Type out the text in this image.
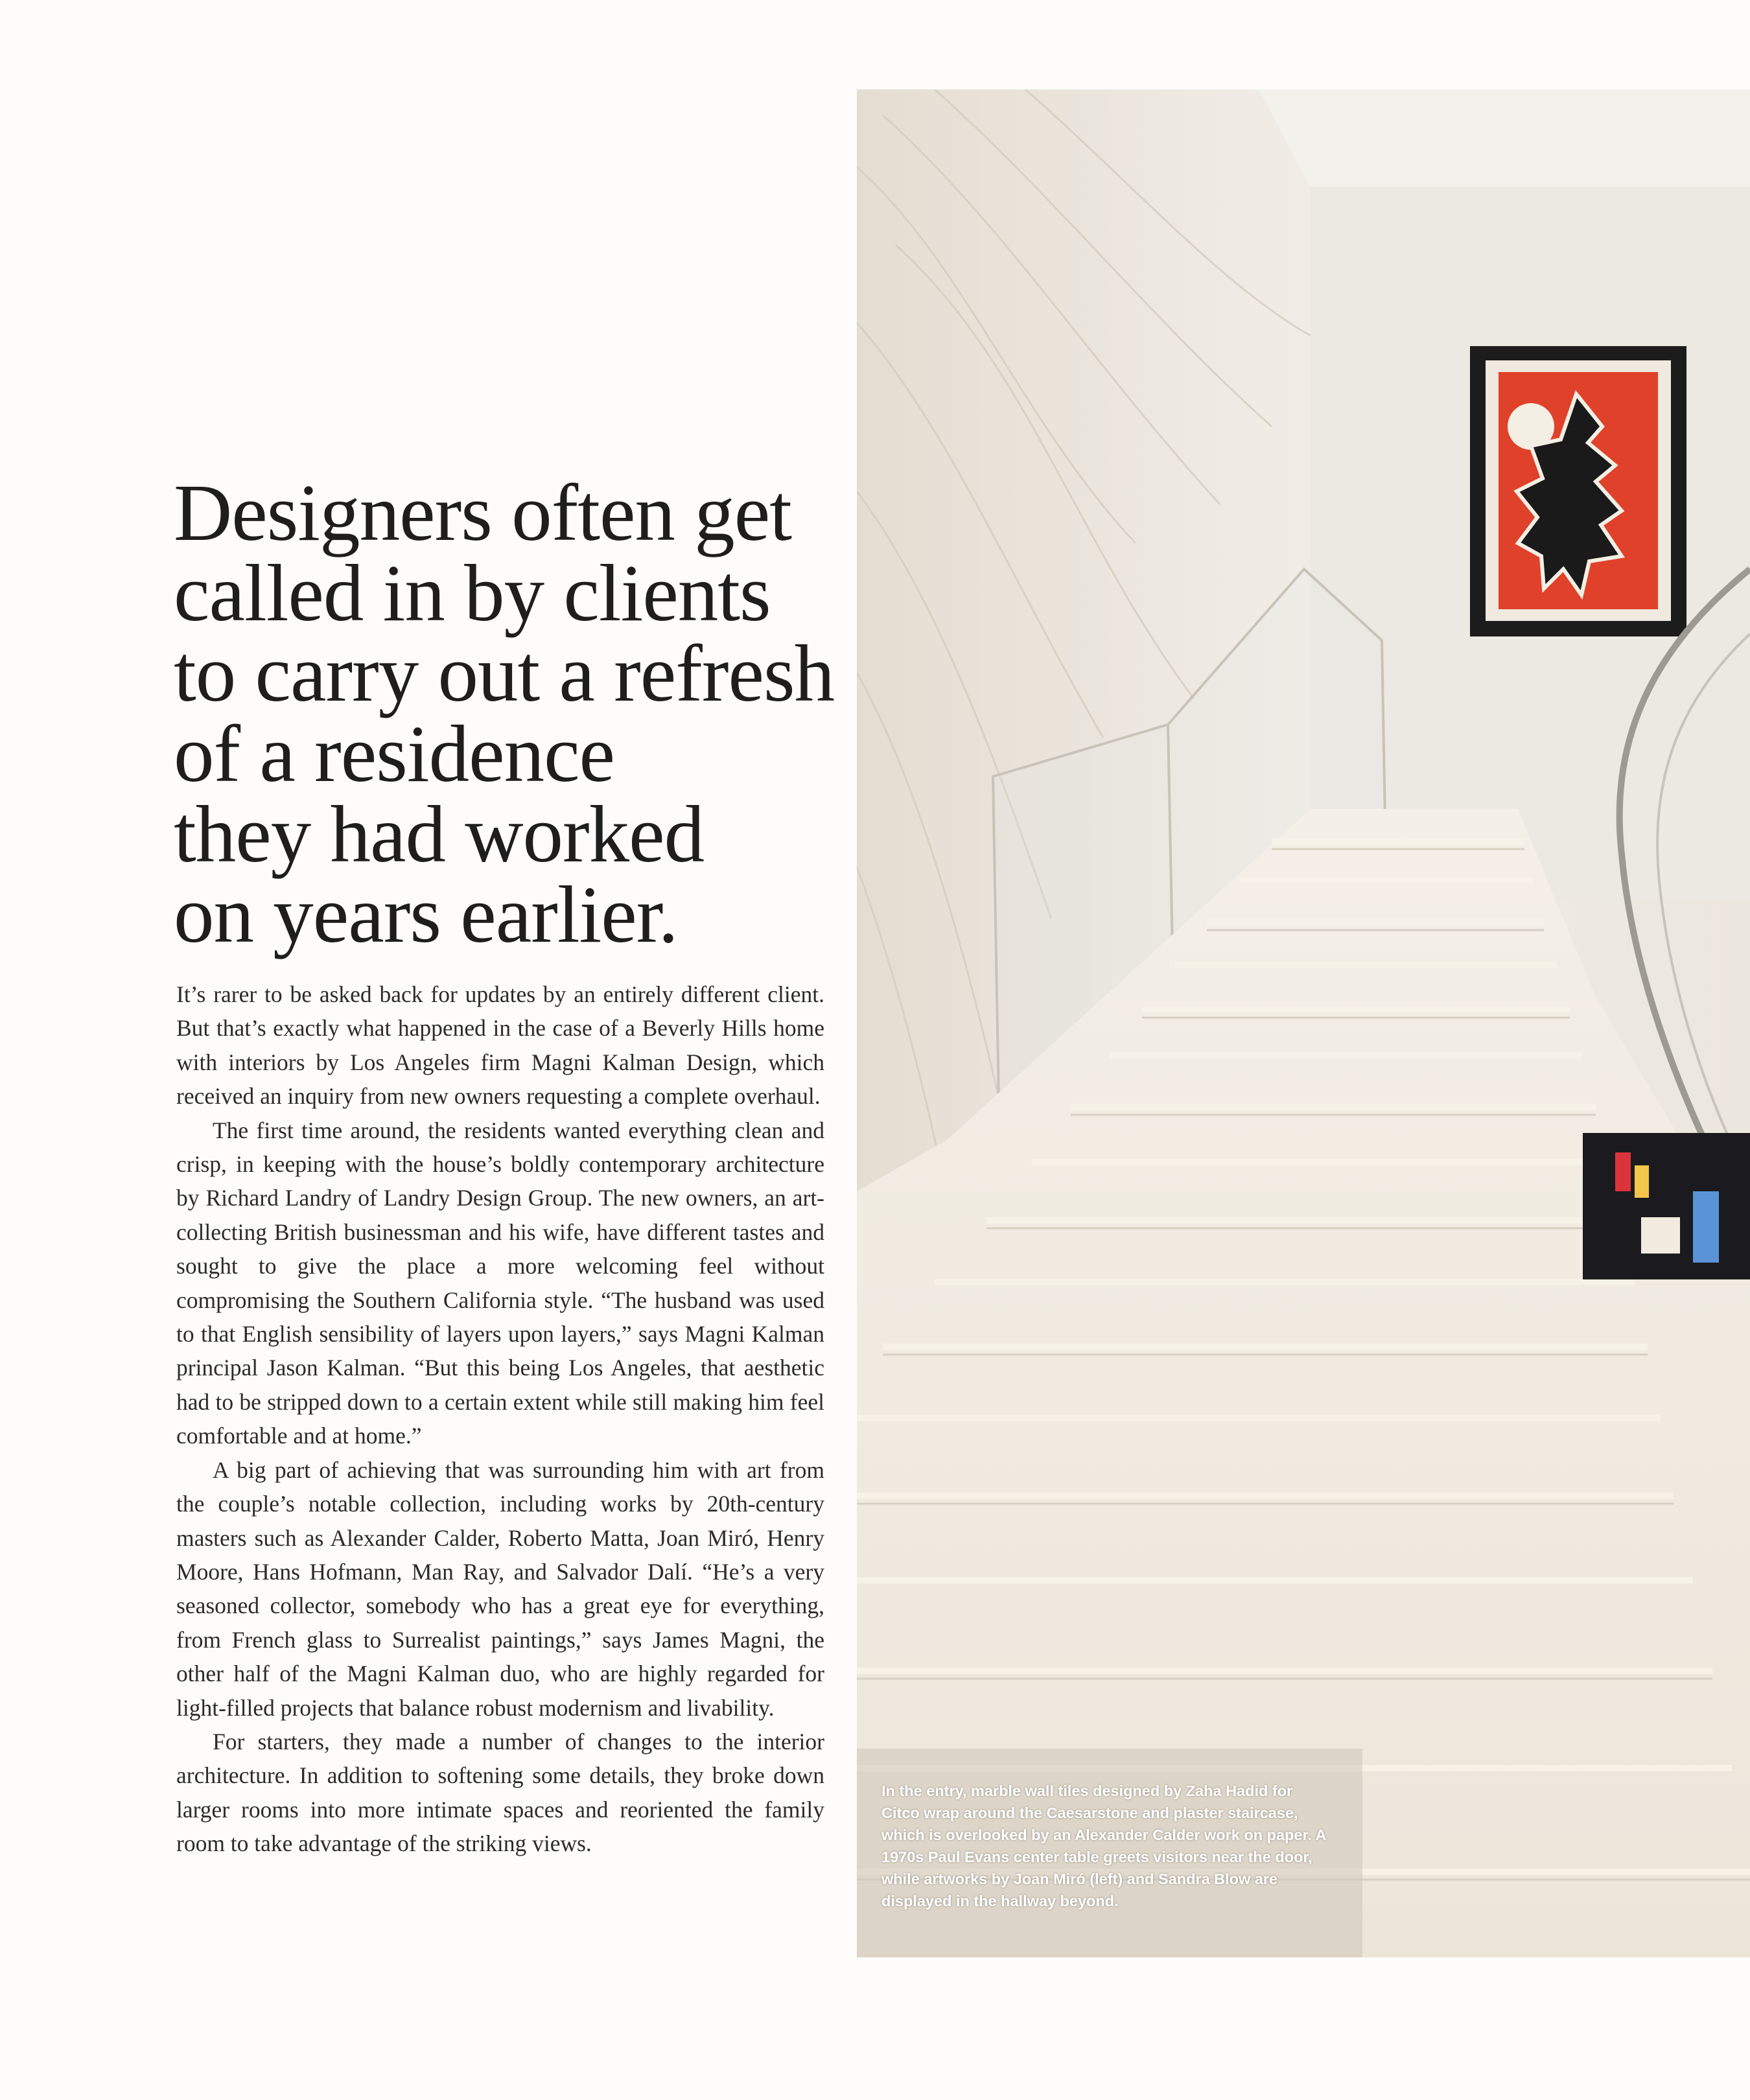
Designers often get
called in by clients
to carry out a refresh
of a residence
they had worked
on years earlier.

It’s rarer to be asked back for updates by an entirely different client. But that’s exactly what happened in the case of a Beverly Hills home with interiors by Los Angeles firm Magni Kalman Design, which received an inquiry from new owners requesting a complete overhaul.

The first time around, the residents wanted everything clean and crisp, in keeping with the house’s boldly contemporary architecture by Richard Landry of Landry Design Group. The new owners, an art-collecting British businessman and his wife, have different tastes and sought to give the place a more welcoming feel without compromising the Southern California style. “The husband was used to that English sensibility of layers upon layers,” says Magni Kalman principal Jason Kalman. “But this being Los Angeles, that aesthetic had to be stripped down to a certain extent while still making him feel comfortable and at home.”

A big part of achieving that was surrounding him with art from the couple’s notable collection, including works by 20th-century masters such as Alexander Calder, Roberto Matta, Joan Miró, Henry Moore, Hans Hofmann, Man Ray, and Salvador Dalí. “He’s a very seasoned collector, somebody who has a great eye for everything, from French glass to Surrealist paintings,” says James Magni, the other half of the Magni Kalman duo, who are highly regarded for light-filled projects that balance robust modernism and livability.

For starters, they made a number of changes to the interior architecture. In addition to softening some details, they broke down larger rooms into more intimate spaces and reoriented the family room to take advantage of the striking views.

In the entry, marble wall tiles designed by Zaha Hadid for Citco wrap around the Caesarstone and plaster staircase, which is overlooked by an Alexander Calder work on paper. A 1970s Paul Evans center table greets visitors near the door, while artworks by Joan Miró (left) and Sandra Blow are displayed in the hallway beyond.
